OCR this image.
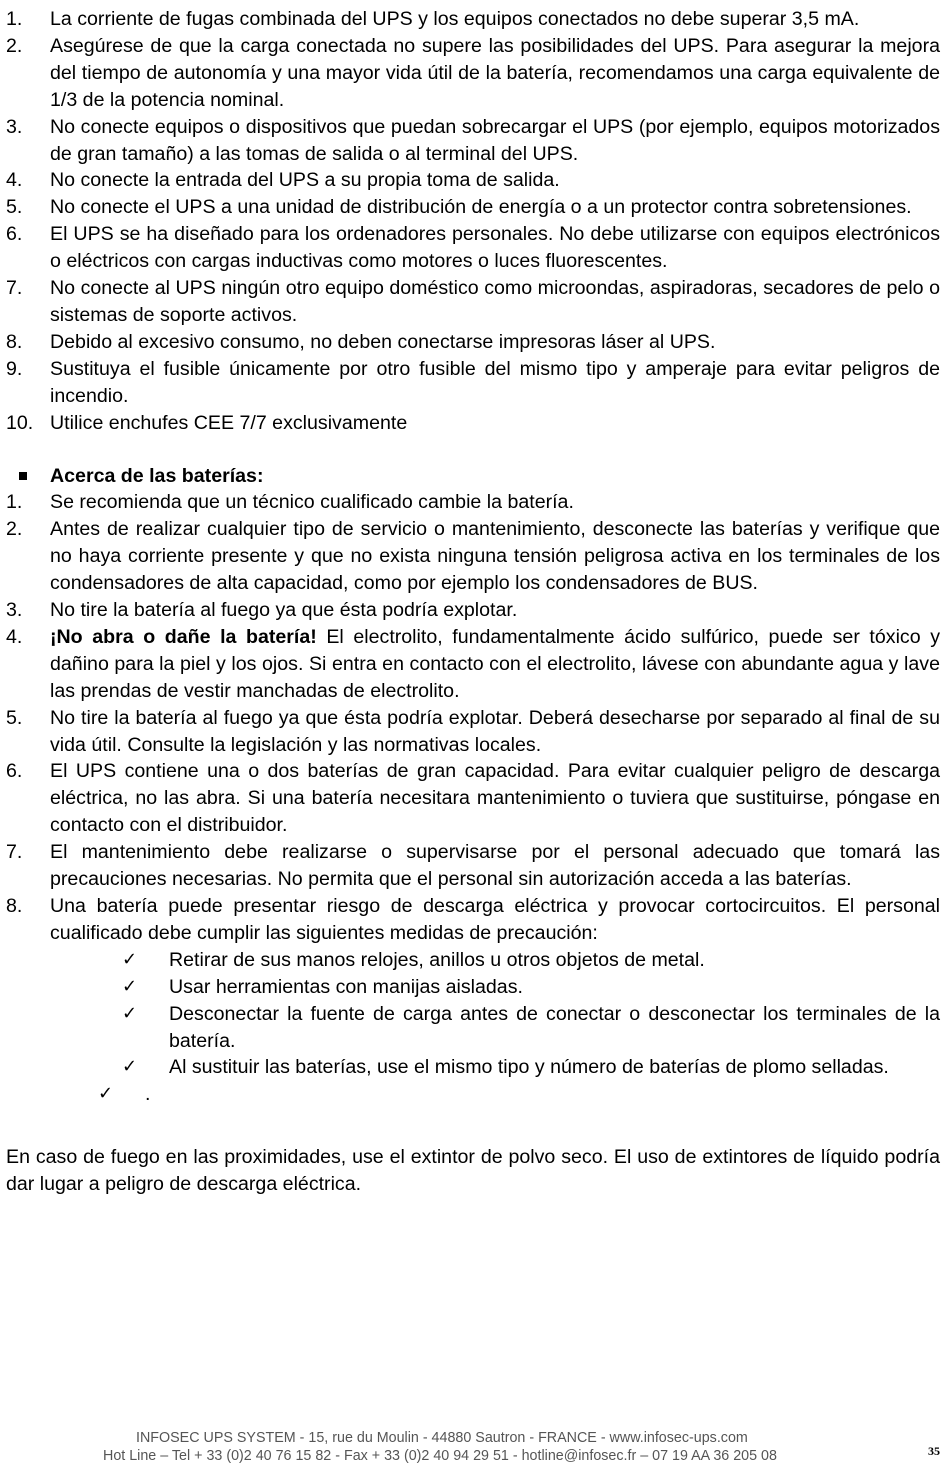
1. La corriente de fugas combinada del UPS y los equipos conectados no debe superar 3,5 mA.
2. Asegúrese de que la carga conectada no supere las posibilidades del UPS. Para asegurar la mejora del tiempo de autonomía y una mayor vida útil de la batería, recomendamos una carga equivalente de 1/3 de la potencia nominal.
3. No conecte equipos o dispositivos que puedan sobrecargar el UPS (por ejemplo, equipos motorizados de gran tamaño) a las tomas de salida o al terminal del UPS.
4. No conecte la entrada del UPS a su propia toma de salida.
5. No conecte el UPS a una unidad de distribución de energía o a un protector contra sobretensiones.
6. El UPS se ha diseñado para los ordenadores personales. No debe utilizarse con equipos electrónicos o eléctricos con cargas inductivas como motores o luces fluorescentes.
7. No conecte al UPS ningún otro equipo doméstico como microondas, aspiradoras, secadores de pelo o sistemas de soporte activos.
8. Debido al excesivo consumo, no deben conectarse impresoras láser al UPS.
9. Sustituya el fusible únicamente por otro fusible del mismo tipo y amperaje para evitar peligros de incendio.
10. Utilice enchufes CEE 7/7 exclusivamente
Acerca de las baterías:
1. Se recomienda que un técnico cualificado cambie la batería.
2. Antes de realizar cualquier tipo de servicio o mantenimiento, desconecte las baterías y verifique que no haya corriente presente y que no exista ninguna tensión peligrosa activa en los terminales de los condensadores de alta capacidad, como por ejemplo los condensadores de BUS.
3. No tire la batería al fuego ya que ésta podría explotar.
4. ¡No abra o dañe la batería! El electrolito, fundamentalmente ácido sulfúrico, puede ser tóxico y dañino para la piel y los ojos. Si entra en contacto con el electrolito, lávese con abundante agua y lave las prendas de vestir manchadas de electrolito.
5. No tire la batería al fuego ya que ésta podría explotar. Deberá desecharse por separado al final de su vida útil. Consulte la legislación y las normativas locales.
6. El UPS contiene una o dos baterías de gran capacidad. Para evitar cualquier peligro de descarga eléctrica, no las abra. Si una batería necesitara mantenimiento o tuviera que sustituirse, póngase en contacto con el distribuidor.
7. El mantenimiento debe realizarse o supervisarse por el personal adecuado que tomará las precauciones necesarias. No permita que el personal sin autorización acceda a las baterías.
8. Una batería puede presentar riesgo de descarga eléctrica y provocar cortocircuitos. El personal cualificado debe cumplir las siguientes medidas de precaución:
✓ Retirar de sus manos relojes, anillos u otros objetos de metal.
✓ Usar herramientas con manijas aisladas.
✓ Desconectar la fuente de carga antes de conectar o desconectar los terminales de la batería.
✓ Al sustituir las baterías, use el mismo tipo y número de baterías de plomo selladas.
✓ .
En caso de fuego en las proximidades, use el extintor de polvo seco. El uso de extintores de líquido podría dar lugar a peligro de descarga eléctrica.
INFOSEC UPS SYSTEM - 15, rue du Moulin - 44880 Sautron - FRANCE - www.infosec-ups.com
Hot Line – Tel + 33 (0)2 40 76 15 82 - Fax + 33 (0)2 40 94 29 51 - hotline@infosec.fr – 07 19 AA 36 205 08	35
